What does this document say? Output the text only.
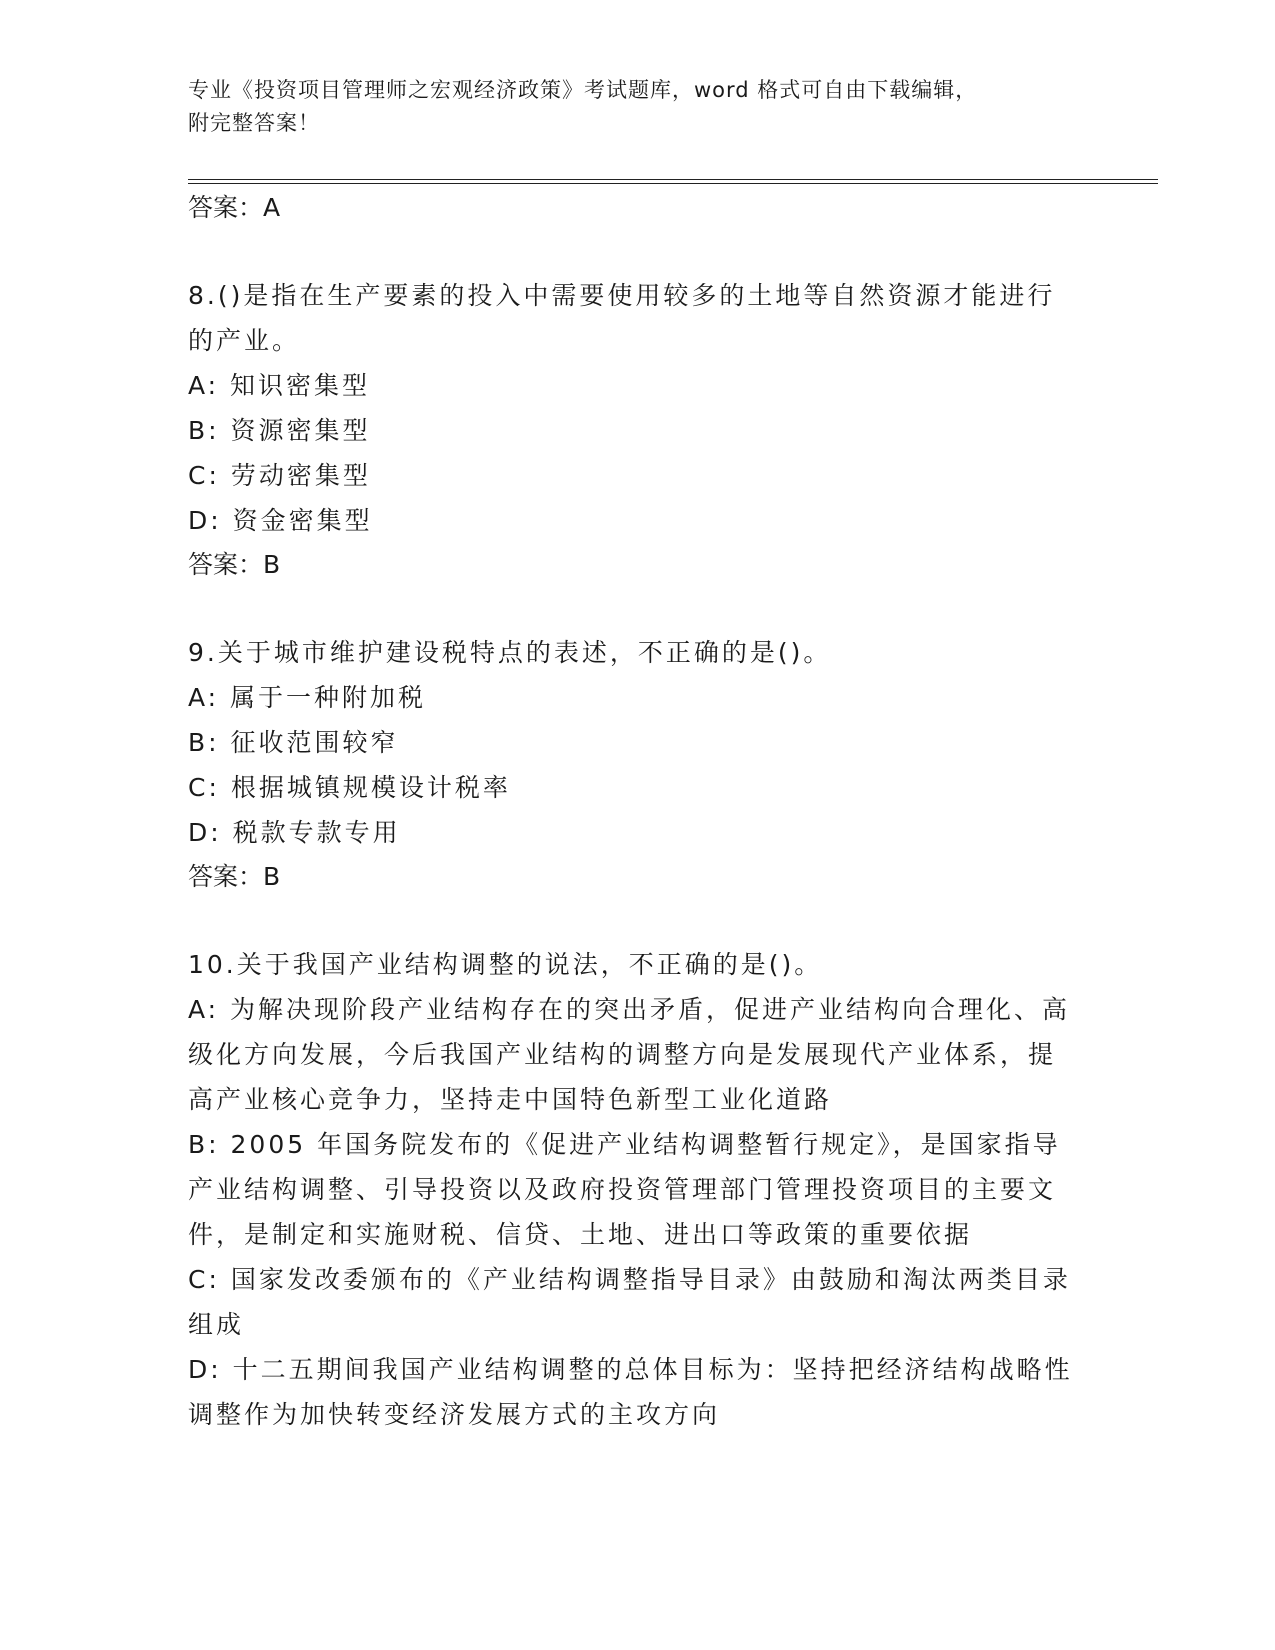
专业《投资项目管理师之宏观经济政策》考试题库，word 格式可自由下载编辑，
附完整答案！

答案：A

8.()是指在生产要素的投入中需要使用较多的土地等自然资源才能进行的产业。

A: 知识密集型

B: 资源密集型

C: 劳动密集型

D: 资金密集型

答案：B

9.关于城市维护建设税特点的表述，不正确的是()。

A: 属于一种附加税

B: 征收范围较窄

C: 根据城镇规模设计税率

D: 税款专款专用

答案：B

10.关于我国产业结构调整的说法，不正确的是()。

A: 为解决现阶段产业结构存在的突出矛盾，促进产业结构向合理化、高级化方向发展，今后我国产业结构的调整方向是发展现代产业体系，提高产业核心竞争力，坚持走中国特色新型工业化道路

B: 2005 年国务院发布的《促进产业结构调整暂行规定》，是国家指导产业结构调整、引导投资以及政府投资管理部门管理投资项目的主要文件，是制定和实施财税、信贷、土地、进出口等政策的重要依据

C: 国家发改委颁布的《产业结构调整指导目录》由鼓励和淘汰两类目录组成

D: 十二五期间我国产业结构调整的总体目标为：坚持把经济结构战略性调整作为加快转变经济发展方式的主攻方向
